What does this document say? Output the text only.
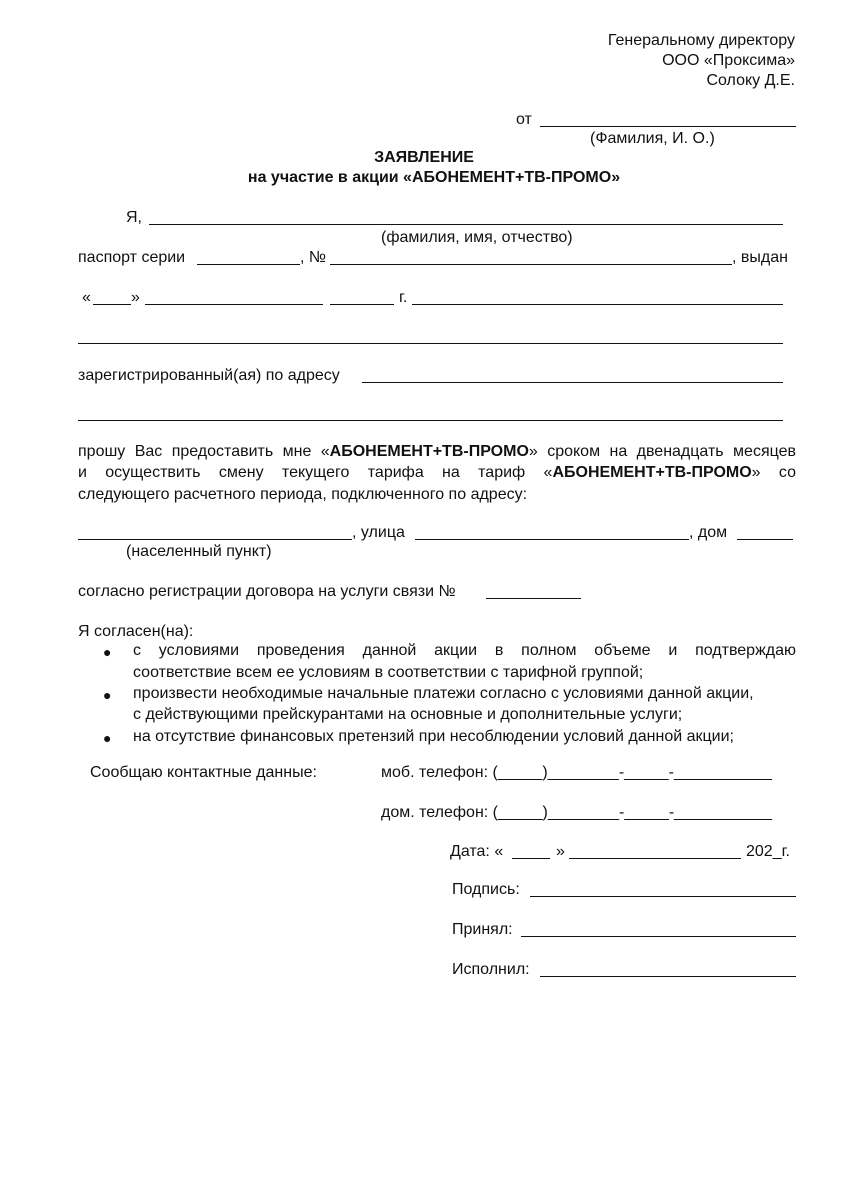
Генеральному директору
ООО «Проксима»
Солоку Д.Е.
от
(Фамилия, И. О.)
ЗАЯВЛЕНИЕ
на участие в акции «АБОНЕМЕНТ+ТВ-ПРОМО»
Я,
(фамилия, имя, отчество)
паспорт серии	, №	, выдан
«	»	г.
зарегистрированный(ая) по адресу
прошу Вас предоставить мне «АБОНЕМЕНТ+ТВ-ПРОМО» сроком на двенадцать месяцев
и осуществить смену текущего тарифа на тариф «АБОНЕМЕНТ+ТВ-ПРОМО» со
следующего расчетного периода, подключенного по адресу:
, улица	, дом
(населенный пункт)
согласно регистрации договора на услуги связи №
Я согласен(на):
● с условиями проведения данной акции в полном объеме и подтверждаю
соответствие всем ее условиям в соответствии с тарифной группой;
● произвести необходимые начальные платежи согласно с условиями данной акции,
с действующими прейскурантами на основные и дополнительные услуги;
● на отсутствие финансовых претензий при несоблюдении условий данной акции;
Сообщаю контактные данные:	моб. телефон: (_____)________-_____-___________
дом. телефон: (_____)________-_____-___________
Дата: «	»	202_г.
Подпись:
Принял:
Исполнил:
